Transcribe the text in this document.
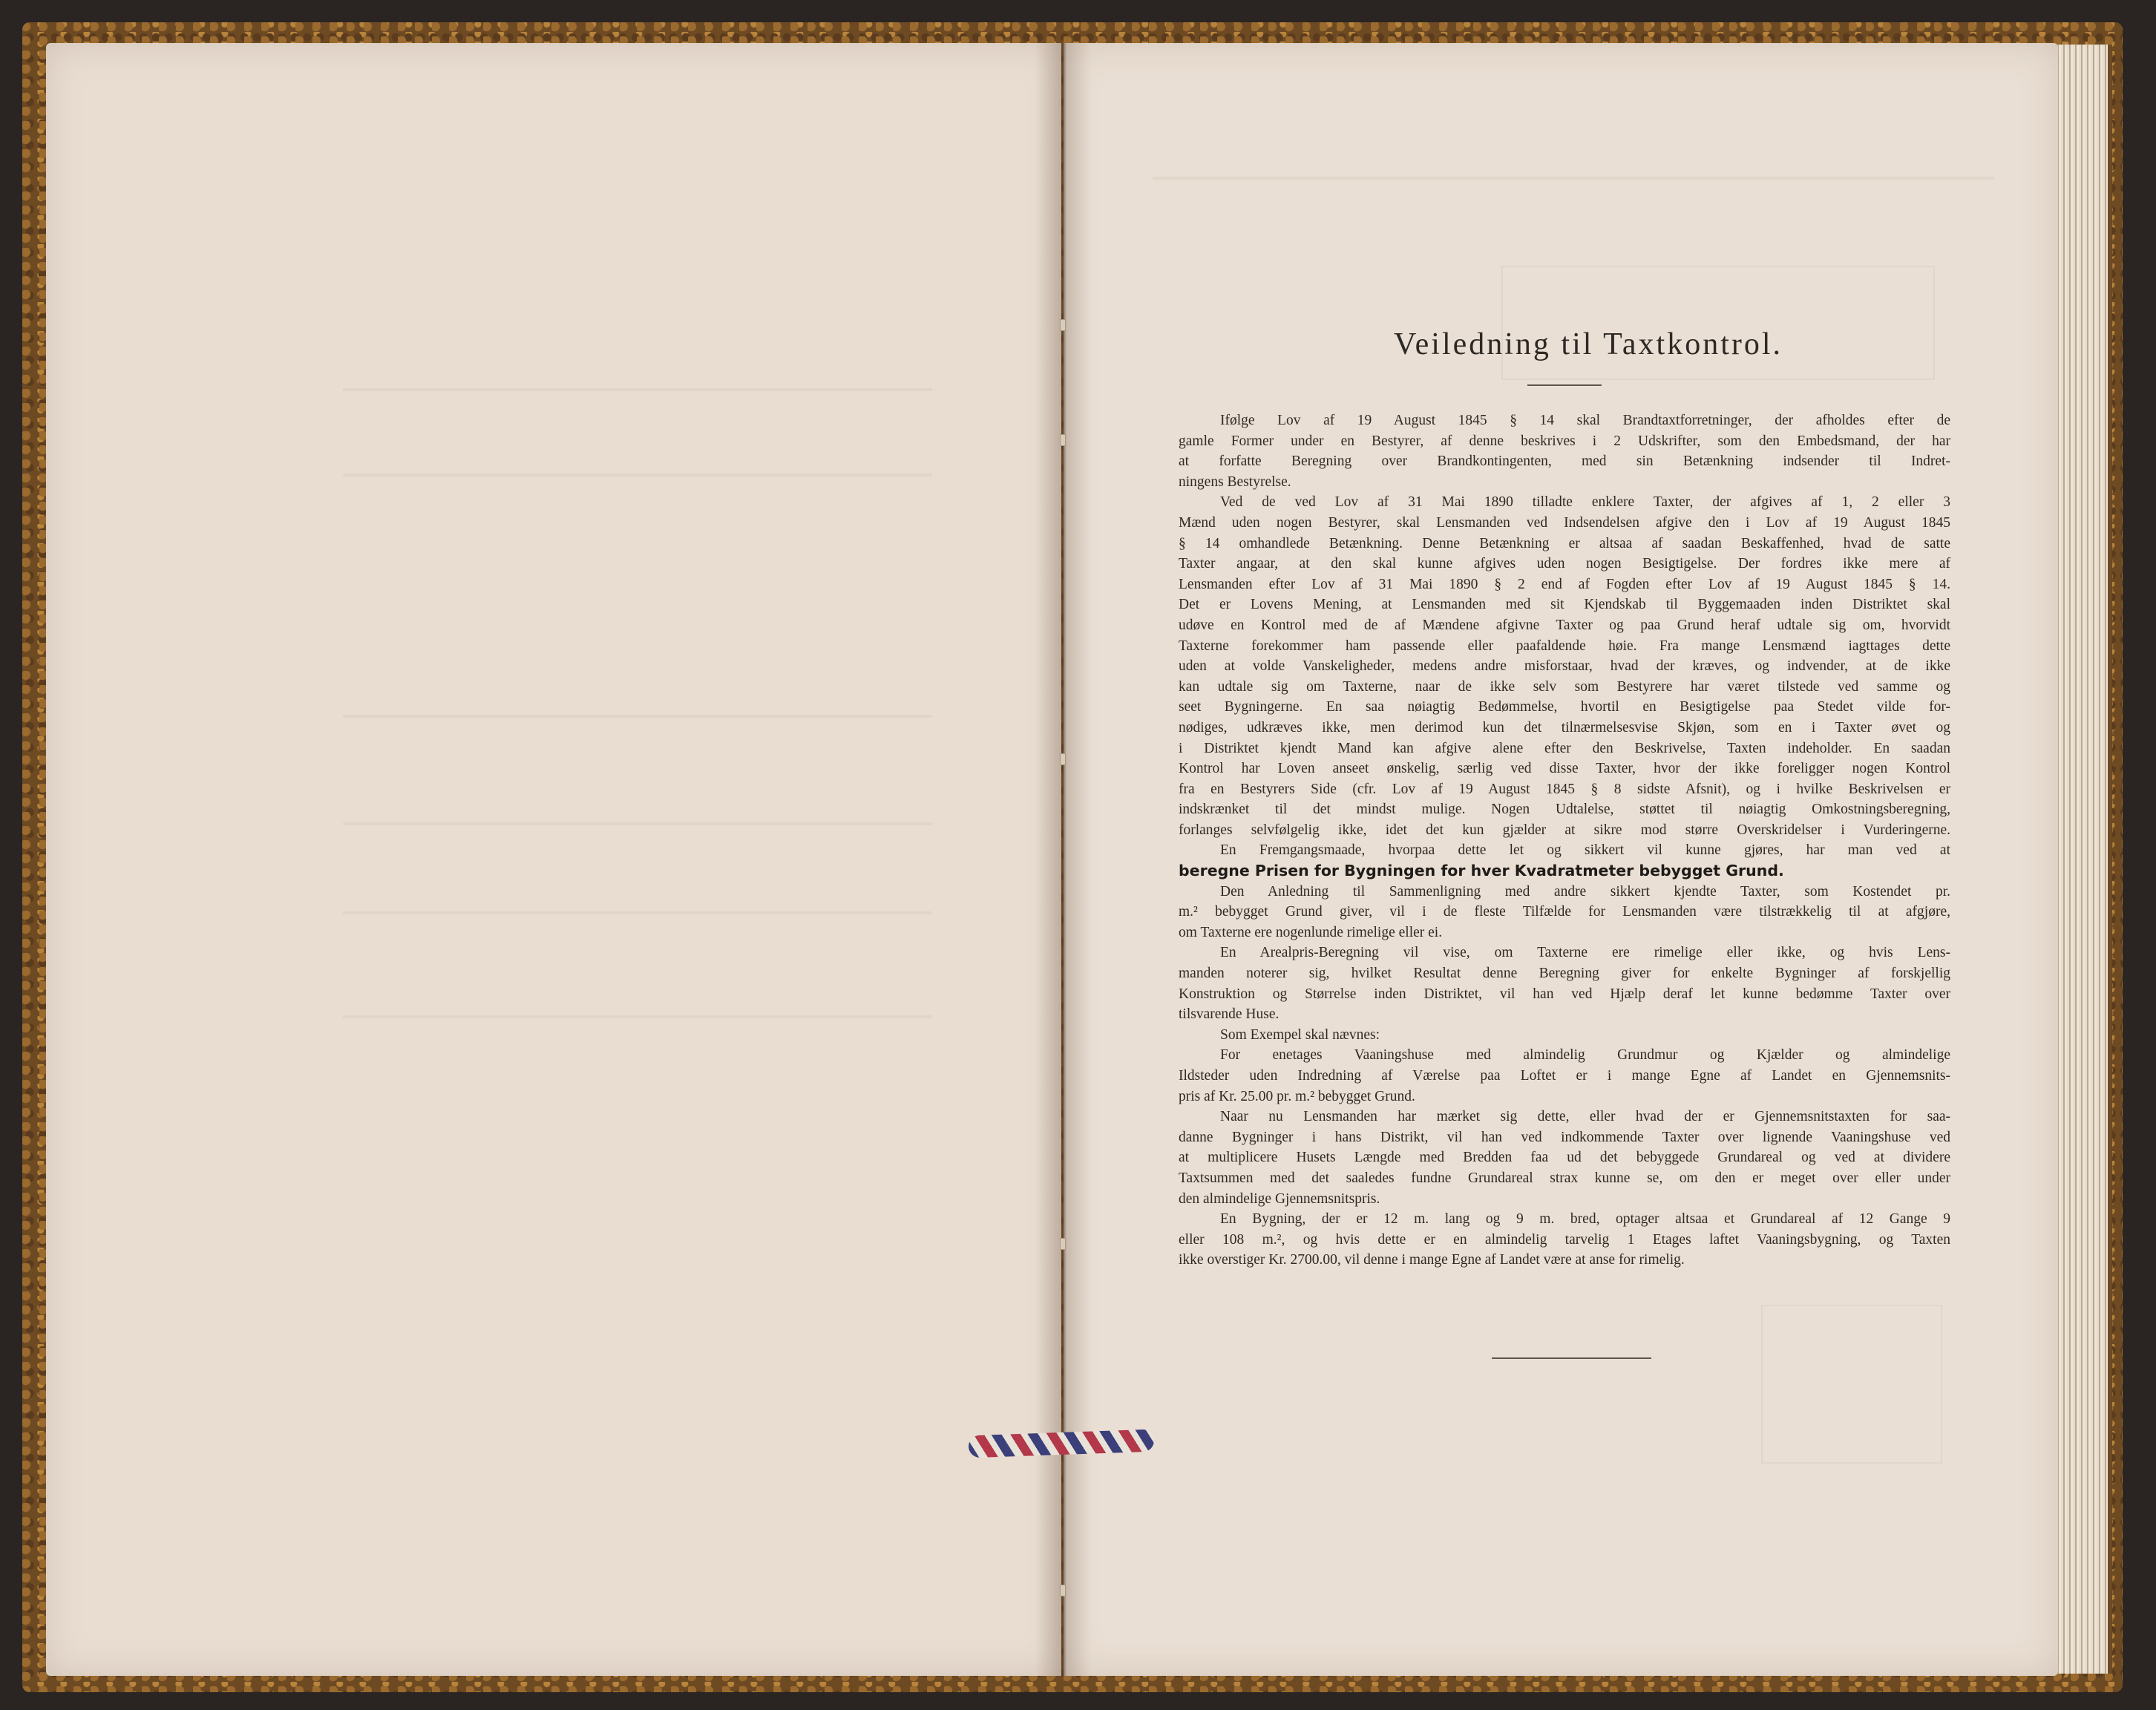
Veiledning til Taxtkontrol.
Ifølge Lov af 19 August 1845 § 14 skal Brandtaxtforretninger, der afholdes efter de
gamle Former under en Bestyrer, af denne beskrives i 2 Udskrifter, som den Embedsmand, der har
at forfatte Beregning over Brandkontingenten, med sin Betænkning indsender til Indret-
ningens Bestyrelse.
Ved de ved Lov af 31 Mai 1890 tilladte enklere Taxter, der afgives af 1, 2 eller 3
Mænd uden nogen Bestyrer, skal Lensmanden ved Indsendelsen afgive den i Lov af 19 August 1845
§ 14 omhandlede Betænkning. Denne Betænkning er altsaa af saadan Beskaffenhed, hvad de satte
Taxter angaar, at den skal kunne afgives uden nogen Besigtigelse. Der fordres ikke mere af
Lensmanden efter Lov af 31 Mai 1890 § 2 end af Fogden efter Lov af 19 August 1845 § 14.
Det er Lovens Mening, at Lensmanden med sit Kjendskab til Byggemaaden inden Distriktet skal
udøve en Kontrol med de af Mændene afgivne Taxter og paa Grund heraf udtale sig om, hvorvidt
Taxterne forekommer ham passende eller paafaldende høie. Fra mange Lensmænd iagttages dette
uden at volde Vanskeligheder, medens andre misforstaar, hvad der kræves, og indvender, at de ikke
kan udtale sig om Taxterne, naar de ikke selv som Bestyrere har været tilstede ved samme og
seet Bygningerne. En saa nøiagtig Bedømmelse, hvortil en Besigtigelse paa Stedet vilde for-
nødiges, udkræves ikke, men derimod kun det tilnærmelsesvise Skjøn, som en i Taxter øvet og
i Distriktet kjendt Mand kan afgive alene efter den Beskrivelse, Taxten indeholder. En saadan
Kontrol har Loven anseet ønskelig, særlig ved disse Taxter, hvor der ikke foreligger nogen Kontrol
fra en Bestyrers Side (cfr. Lov af 19 August 1845 § 8 sidste Afsnit), og i hvilke Beskrivelsen er
indskrænket til det mindst mulige. Nogen Udtalelse, støttet til nøiagtig Omkostningsberegning,
forlanges selvfølgelig ikke, idet det kun gjælder at sikre mod større Overskridelser i Vurderingerne.
En Fremgangsmaade, hvorpaa dette let og sikkert vil kunne gjøres, har man ved at
beregne Prisen for Bygningen for hver Kvadratmeter bebygget Grund.
Den Anledning til Sammenligning med andre sikkert kjendte Taxter, som Kostendet pr.
m.² bebygget Grund giver, vil i de fleste Tilfælde for Lensmanden være tilstrækkelig til at afgjøre,
om Taxterne ere nogenlunde rimelige eller ei.
En Arealpris-Beregning vil vise, om Taxterne ere rimelige eller ikke, og hvis Lens-
manden noterer sig, hvilket Resultat denne Beregning giver for enkelte Bygninger af forskjellig
Konstruktion og Størrelse inden Distriktet, vil han ved Hjælp deraf let kunne bedømme Taxter over
tilsvarende Huse.
Som Exempel skal nævnes:
For enetages Vaaningshuse med almindelig Grundmur og Kjælder og almindelige
Ildsteder uden Indredning af Værelse paa Loftet er i mange Egne af Landet en Gjennemsnits-
pris af Kr. 25.00 pr. m.² bebygget Grund.
Naar nu Lensmanden har mærket sig dette, eller hvad der er Gjennemsnitstaxten for saa-
danne Bygninger i hans Distrikt, vil han ved indkommende Taxter over lignende Vaaningshuse ved
at multiplicere Husets Længde med Bredden faa ud det bebyggede Grundareal og ved at dividere
Taxtsummen med det saaledes fundne Grundareal strax kunne se, om den er meget over eller under
den almindelige Gjennemsnitspris.
En Bygning, der er 12 m. lang og 9 m. bred, optager altsaa et Grundareal af 12 Gange 9
eller 108 m.², og hvis dette er en almindelig tarvelig 1 Etages laftet Vaaningsbygning, og Taxten
ikke overstiger Kr. 2700.00, vil denne i mange Egne af Landet være at anse for rimelig.
